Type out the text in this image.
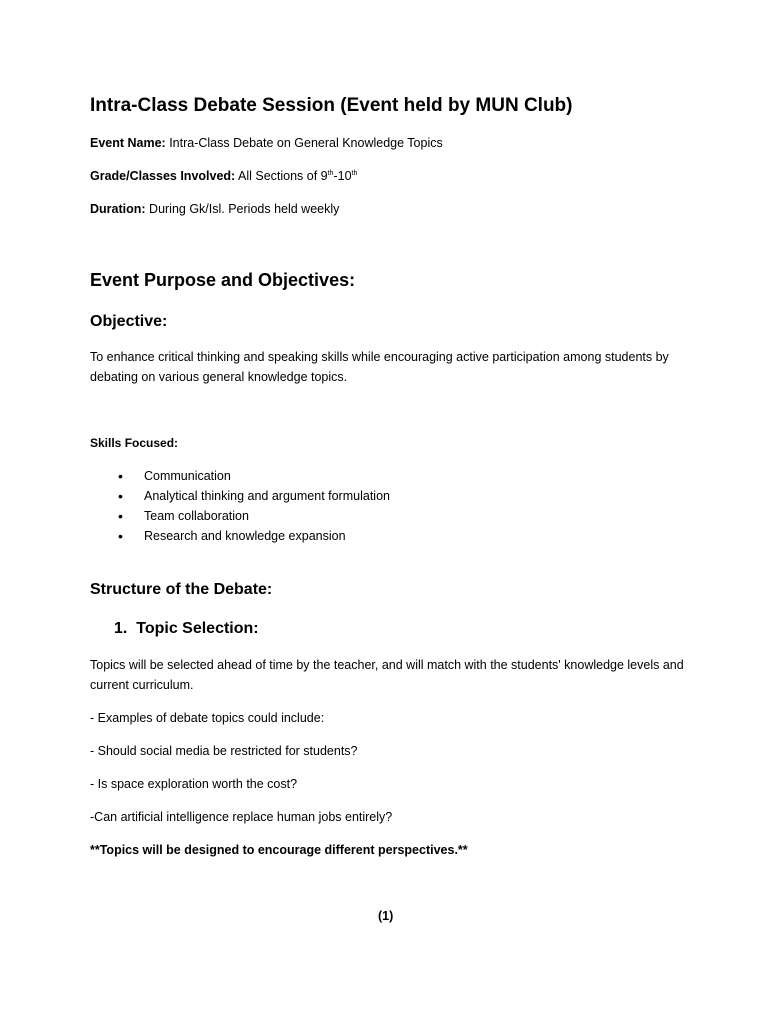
Intra-Class Debate Session (Event held by MUN Club)
Event Name: Intra-Class Debate on General Knowledge Topics
Grade/Classes Involved: All Sections of 9th-10th
Duration: During Gk/Isl. Periods held weekly
Event Purpose and Objectives:
Objective:
To enhance critical thinking and speaking skills while encouraging active participation among students by debating on various general knowledge topics.
Skills Focused:
• Communication
• Analytical thinking and argument formulation
• Team collaboration
• Research and knowledge expansion
Structure of the Debate:
1. Topic Selection:
Topics will be selected ahead of time by the teacher, and will match with the students' knowledge levels and current curriculum.
- Examples of debate topics could include:
- Should social media be restricted for students?
- Is space exploration worth the cost?
-Can artificial intelligence replace human jobs entirely?
**Topics will be designed to encourage different perspectives.**
(1)
